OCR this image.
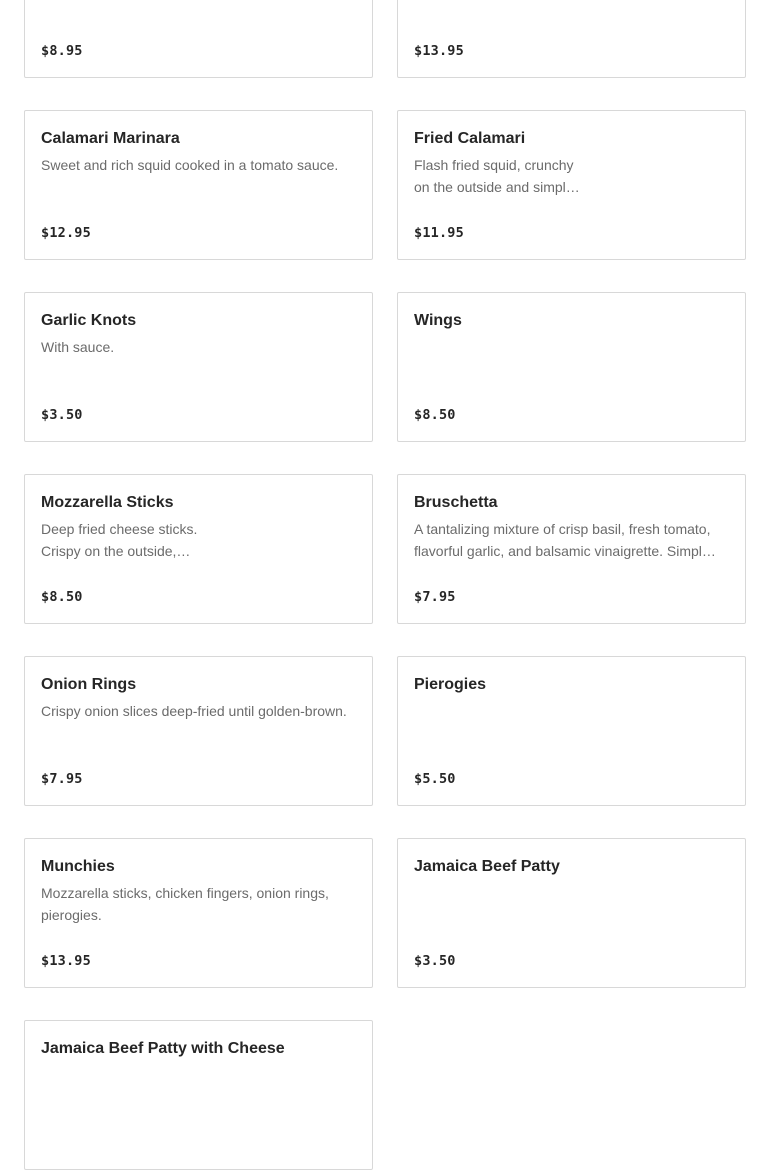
$8.95	$13.95
Calamari Marinara
Sweet and rich squid cooked in a tomato sauce.
$12.95
Fried Calamari
Flash fried squid, crunchy on the outside and simpl…
$11.95
Garlic Knots
With sauce.
$3.50
Wings
$8.50
Mozzarella Sticks
Deep fried cheese sticks. Crispy on the outside,…
$8.50
Bruschetta
A tantalizing mixture of crisp basil, fresh tomato, flavorful garlic, and balsamic vinaigrette. Simpl…
$7.95
Onion Rings
Crispy onion slices deep-fried until golden-brown.
$7.95
Pierogies
$5.50
Munchies
Mozzarella sticks, chicken fingers, onion rings, pierogies.
$13.95
Jamaica Beef Patty
$3.50
Jamaica Beef Patty with Cheese
